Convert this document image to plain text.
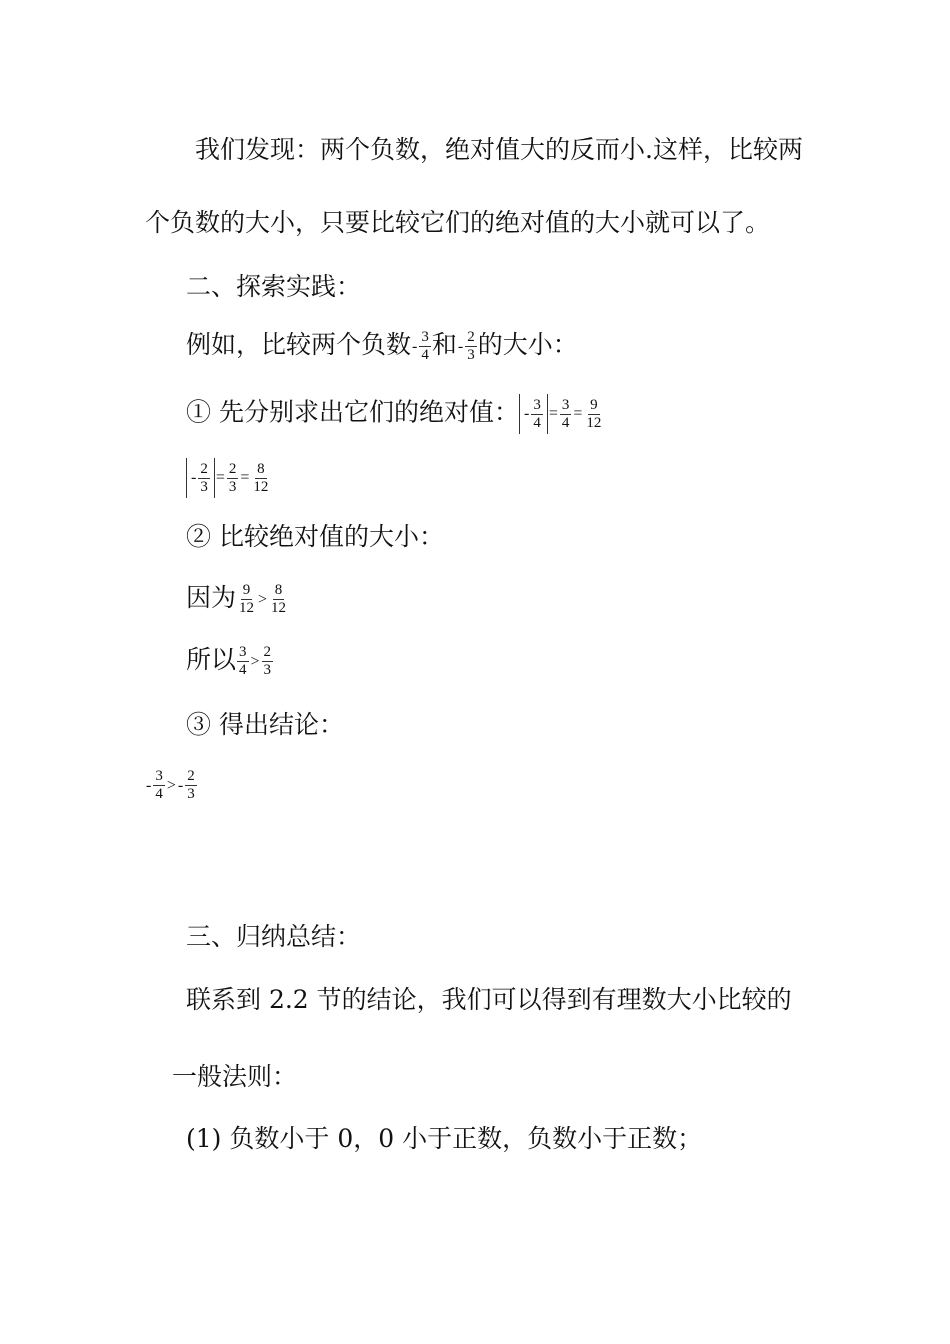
我们发现：两个负数，绝对值大的反而小.这样，比较两
个负数的大小，只要比较它们的绝对值的大小就可以了。
二、探索实践：
例如，比较两个负数- $\frac{3}{4}$ 和- $\frac{2}{3}$ 的大小：
① 先分别求出它们的绝对值： - $\frac{3}{4} = \frac{3}{4} = \frac{9}{12}$
- $\frac{2}{3} = \frac{2}{3} = \frac{8}{12}$
② 比较绝对值的大小：
因为 $\frac{9}{12} > \frac{8}{12}$
所以 $\frac{3}{4} > \frac{2}{3}$
③ 得出结论：
- $\frac{3}{4}$ > - $\frac{2}{3}$
三、归纳总结：
联系到 2.2 节的结论，我们可以得到有理数大小比较的
一般法则：
(1) 负数小于 0，0 小于正数，负数小于正数；
